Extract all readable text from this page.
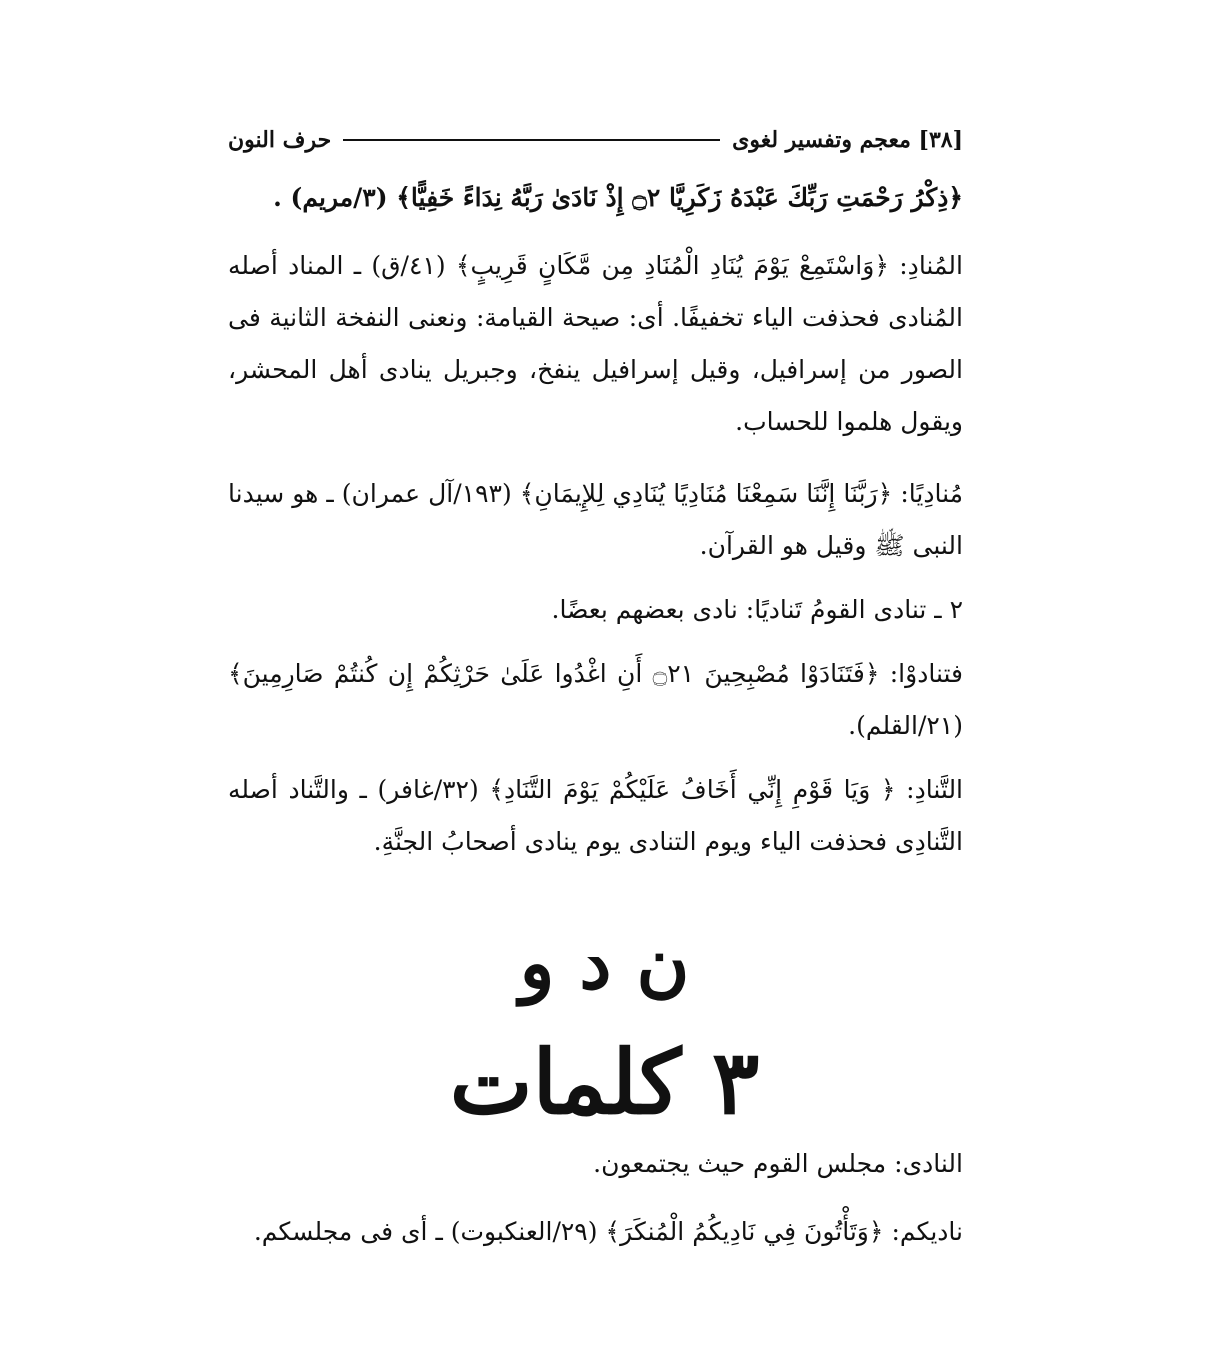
[٣٨] معجم وتفسير لغوى
حرف النون

﴿ذِكْرُ رَحْمَتِ رَبِّكَ عَبْدَهُ زَكَرِيَّا ۝٢ إِذْ نَادَىٰ رَبَّهُ نِدَاءً خَفِيًّا﴾ (٣/مريم) .

المُنادِ: ﴿وَاسْتَمِعْ يَوْمَ يُنَادِ الْمُنَادِ مِن مَّكَانٍ قَرِيبٍ﴾ (٤١/ق) ـ المناد أصله المُنادى فحذفت الياء تخفيفًا. أى: صيحة القيامة: ونعنى النفخة الثانية فى الصور من إسرافيل، وقيل إسرافيل ينفخ، وجبريل ينادى أهل المحشر، ويقول هلموا للحساب.

مُنادِيًا: ﴿رَبَّنَا إِنَّنَا سَمِعْنَا مُنَادِيًا يُنَادِي لِلإِيمَانِ﴾ (١٩٣/آل عمران) ـ هو سيدنا النبى ﷺ وقيل هو القرآن.

٢ ـ تنادى القومُ تَناديًا: نادى بعضهم بعضًا.

فتنادوْا: ﴿فَتَنَادَوْا مُصْبِحِينَ ۝٢١ أَنِ اغْدُوا عَلَىٰ حَرْثِكُمْ إِن كُنتُمْ صَارِمِينَ﴾ (٢١/القلم).

التَّنادِ: ﴿ وَيَا قَوْمِ إِنِّي أَخَافُ عَلَيْكُمْ يَوْمَ التَّنَادِ﴾ (٣٢/غافر) ـ والتَّناد أصله التَّنادِى فحذفت الياء ويوم التنادى يوم ينادى أصحابُ الجنَّةِ.

ن د و
٣ كلمات

النادى: مجلس القوم حيث يجتمعون.

ناديكم: ﴿وَتَأْتُونَ فِي نَادِيكُمُ الْمُنكَرَ﴾ (٢٩/العنكبوت) ـ أى فى مجلسكم.
